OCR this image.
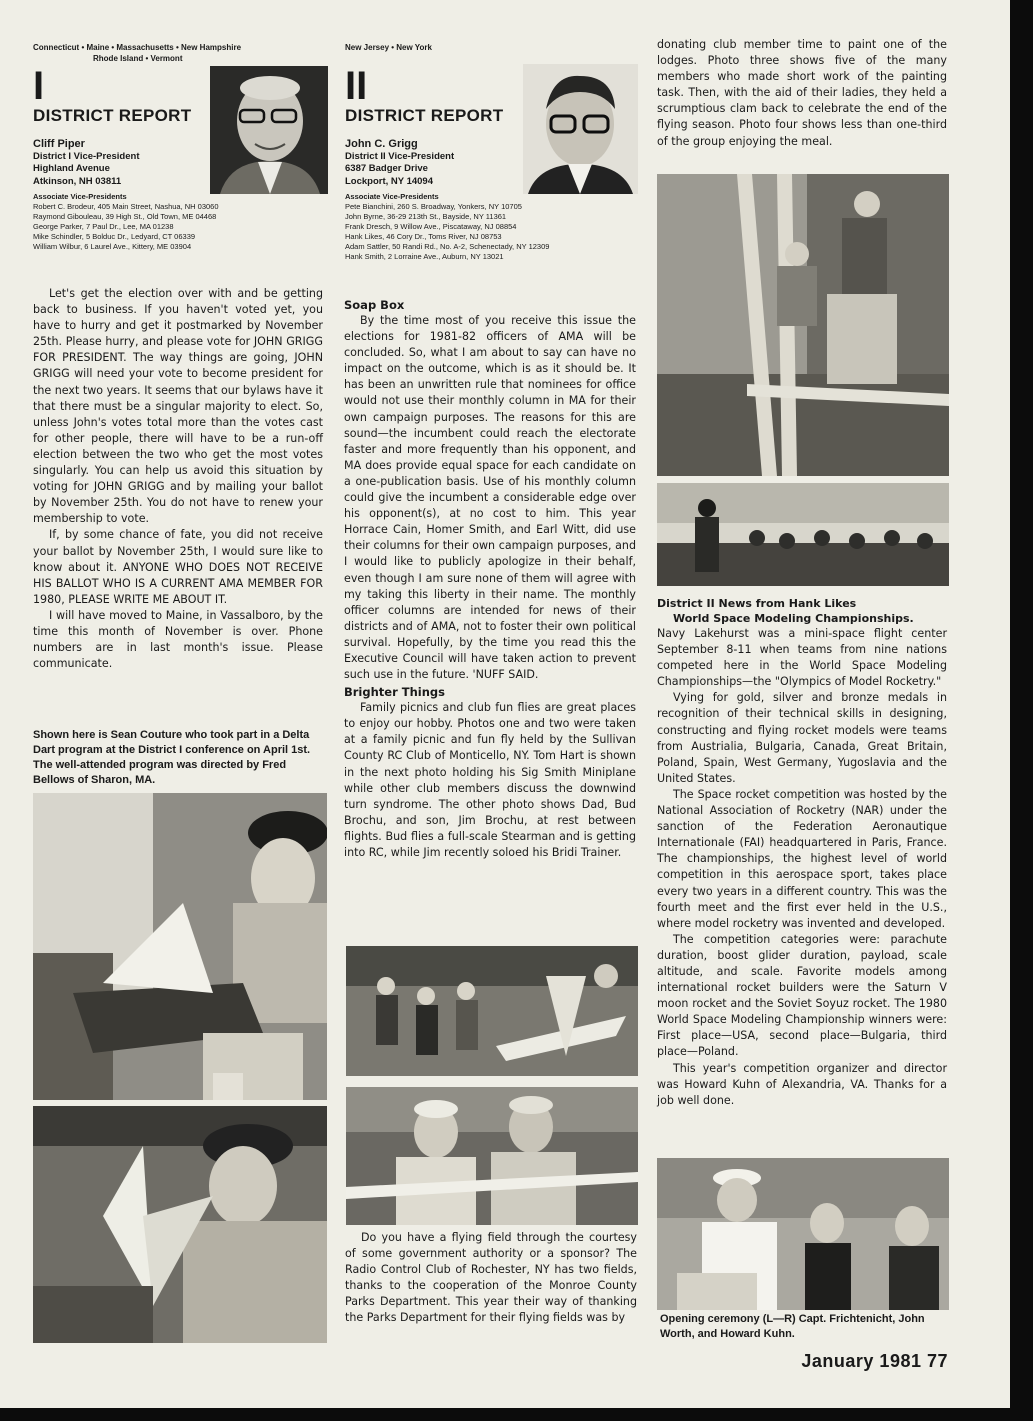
Connecticut • Maine • Massachusetts • New Hampshire
Rhode Island • Vermont
I
DISTRICT REPORT
Cliff Piper
District I Vice-President
Highland Avenue
Atkinson, NH 03811
Associate Vice-Presidents
Robert C. Brodeur, 405 Main Street, Nashua, NH 03060
Raymond Gibouleau, 39 High St., Old Town, ME 04468
George Parker, 7 Paul Dr., Lee, MA 01238
Mike Schindler, 5 Bolduc Dr., Ledyard, CT 06339
William Wilbur, 6 Laurel Ave., Kittery, ME 03904

Let's get the election over with and be getting back to business. If you haven't voted yet, you have to hurry and get it postmarked by November 25th. Please hurry, and please vote for JOHN GRIGG FOR PRESIDENT. The way things are going, JOHN GRIGG will need your vote to become president for the next two years. It seems that our bylaws have it that there must be a singular majority to elect. So, unless John's votes total more than the votes cast for other people, there will have to be a run-off election between the two who get the most votes singularly. You can help us avoid this situation by voting for JOHN GRIGG and by mailing your ballot by November 25th. You do not have to renew your membership to vote.

If, by some chance of fate, you did not receive your ballot by November 25th, I would sure like to know about it. ANYONE WHO DOES NOT RECEIVE HIS BALLOT WHO IS A CURRENT AMA MEMBER FOR 1980, PLEASE WRITE ME ABOUT IT.

I will have moved to Maine, in Vassalboro, by the time this month of November is over. Phone numbers are in last month's issue. Please communicate.

Shown here is Sean Couture who took part in a Delta Dart program at the District I conference on April 1st. The well-attended program was directed by Fred Bellows of Sharon, MA.
New Jersey • New York
II
DISTRICT REPORT
John C. Grigg
District II Vice-President
6387 Badger Drive
Lockport, NY 14094
Associate Vice-Presidents
Pete Bianchini, 260 S. Broadway, Yonkers, NY 10705
John Byrne, 36-29 213th St., Bayside, NY 11361
Frank Dresch, 9 Willow Ave., Piscataway, NJ 08854
Hank Likes, 46 Cory Dr., Toms River, NJ 08753
Adam Sattler, 50 Randi Rd., No. A-2, Schenectady, NY 12309
Hank Smith, 2 Lorraine Ave., Auburn, NY 13021
Soap Box

By the time most of you receive this issue the elections for 1981-82 officers of AMA will be concluded. So, what I am about to say can have no impact on the outcome, which is as it should be. It has been an unwritten rule that nominees for office would not use their monthly column in MA for their own campaign purposes. The reasons for this are sound—the incumbent could reach the electorate faster and more frequently than his opponent, and MA does provide equal space for each candidate on a one-publication basis. Use of his monthly column could give the incumbent a considerable edge over his opponent(s), at no cost to him. This year Horrace Cain, Homer Smith, and Earl Witt, did use their columns for their own campaign purposes, and I would like to publicly apologize in their behalf, even though I am sure none of them will agree with my taking this liberty in their name. The monthly officer columns are intended for news of their districts and of AMA, not to foster their own political survival. Hopefully, by the time you read this the Executive Council will have taken action to prevent such use in the future. 'NUFF SAID.

Brighter Things

Family picnics and club fun flies are great places to enjoy our hobby. Photos one and two were taken at a family picnic and fun fly held by the Sullivan County RC Club of Monticello, NY. Tom Hart is shown in the next photo holding his Sig Smith Miniplane while other club members discuss the downwind turn syndrome. The other photo shows Dad, Bud Brochu, and son, Jim Brochu, at rest between flights. Bud flies a full-scale Stearman and is getting into RC, while Jim recently soloed his Bridi Trainer.

Do you have a flying field through the courtesy of some government authority or a sponsor? The Radio Control Club of Rochester, NY has two fields, thanks to the cooperation of the Monroe County Parks Department. This year their way of thanking the Parks Department for their flying fields was by

donating club member time to paint one of the lodges. Photo three shows five of the many members who made short work of the painting task. Then, with the aid of their ladies, they held a scrumptious clam back to celebrate the end of the flying season. Photo four shows less than one-third of the group enjoying the meal.

District II News from Hank Likes
World Space Modeling Championships.

Navy Lakehurst was a mini-space flight center September 8-11 when teams from nine nations competed here in the World Space Modeling Championships—the "Olympics of Model Rocketry."

Vying for gold, silver and bronze medals in recognition of their technical skills in designing, constructing and flying rocket models were teams from Austrialia, Bulgaria, Canada, Great Britain, Poland, Spain, West Germany, Yugoslavia and the United States.

The Space rocket competition was hosted by the National Association of Rocketry (NAR) under the sanction of the Federation Aeronautique Internationale (FAI) headquartered in Paris, France. The championships, the highest level of world competition in this aerospace sport, takes place every two years in a different country. This was the fourth meet and the first ever held in the U.S., where model rocketry was invented and developed.

The competition categories were: parachute duration, boost glider duration, payload, scale altitude, and scale. Favorite models among international rocket builders were the Saturn V moon rocket and the Soviet Soyuz rocket. The 1980 World Space Modeling Championship winners were: First place—USA, second place—Bulgaria, third place—Poland.

This year's competition organizer and director was Howard Kuhn of Alexandria, VA. Thanks for a job well done.

Opening ceremony (L—R) Capt. Frichtenicht, John Worth, and Howard Kuhn.
January 1981 77
